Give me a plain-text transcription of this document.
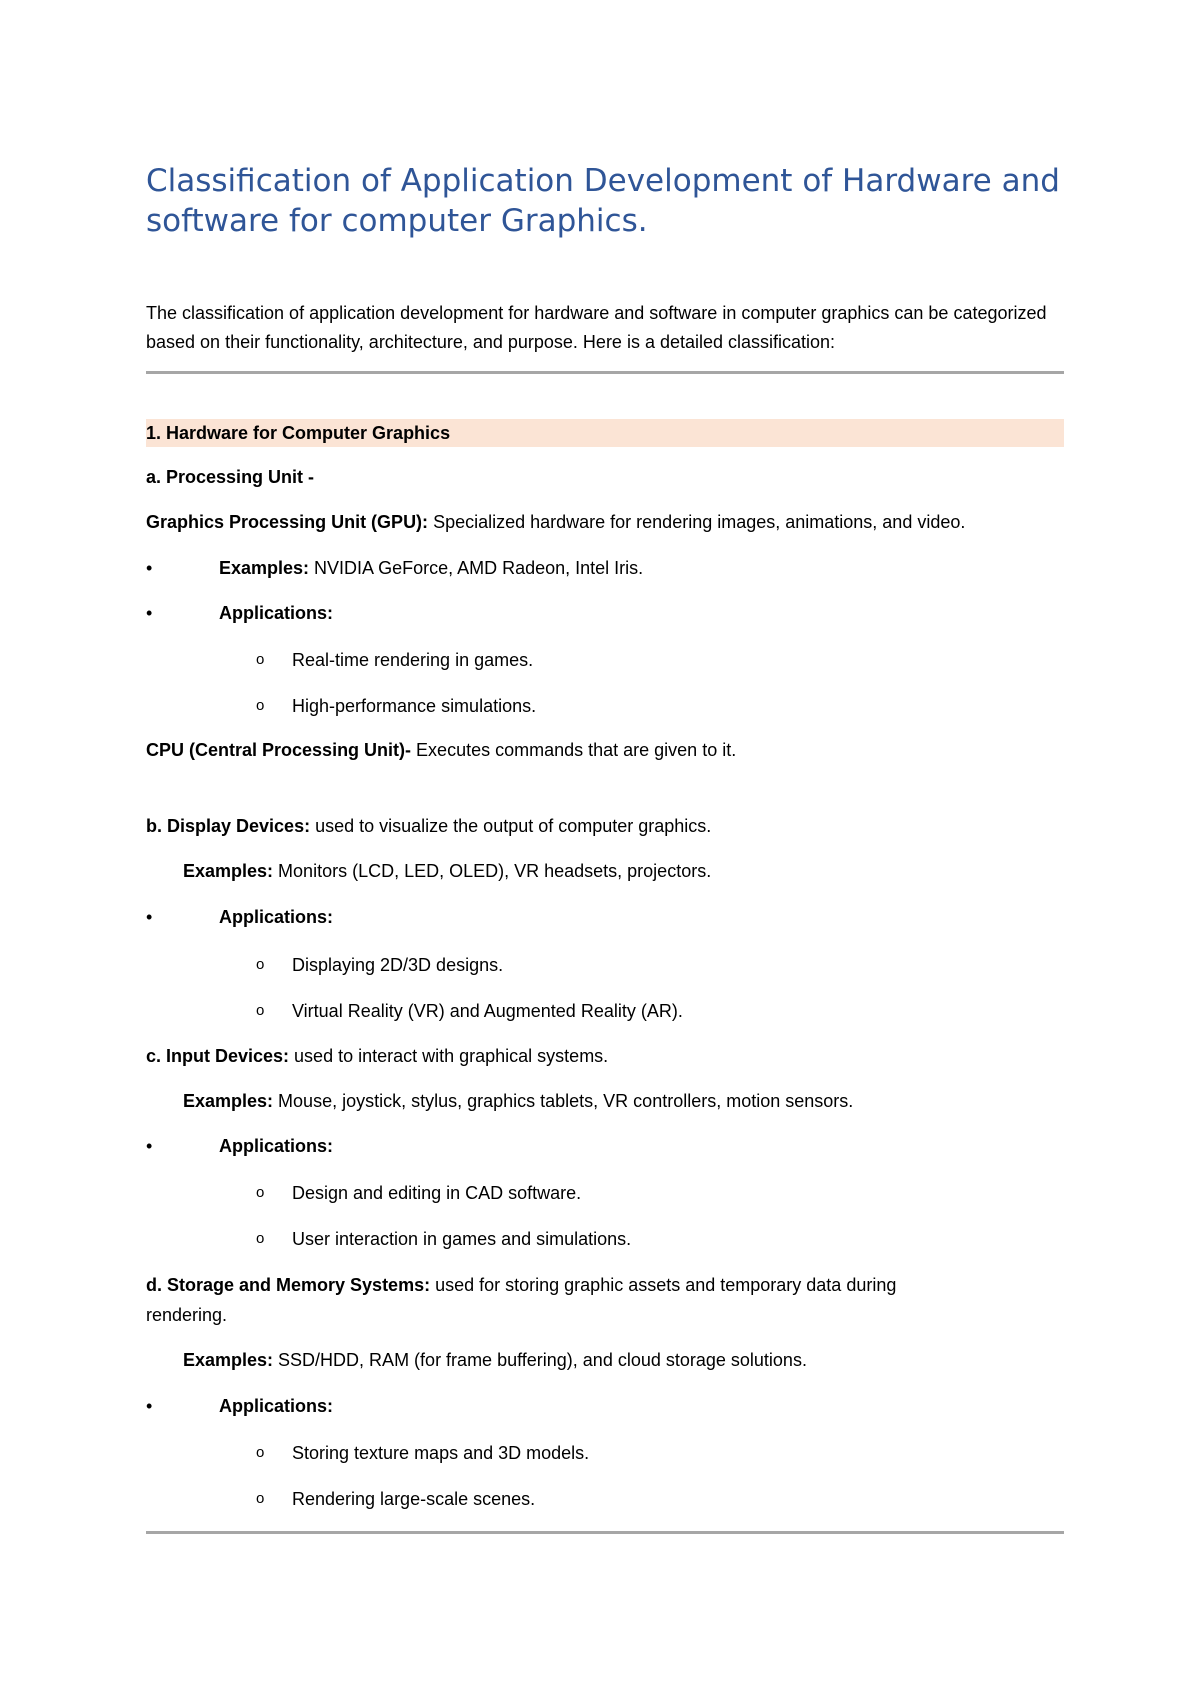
Classification of Application Development of Hardware and software for computer Graphics.
The classification of application development for hardware and software in computer graphics can be categorized based on their functionality, architecture, and purpose. Here is a detailed classification:
1. Hardware for Computer Graphics
a. Processing Unit -
Graphics Processing Unit (GPU): Specialized hardware for rendering images, animations, and video.
•	Examples: NVIDIA GeForce, AMD Radeon, Intel Iris.
•	Applications:
o Real-time rendering in games.
o High-performance simulations.
CPU (Central Processing Unit)- Executes commands that are given to it.
b. Display Devices: used to visualize the output of computer graphics.
Examples: Monitors (LCD, LED, OLED), VR headsets, projectors.
•	Applications:
o Displaying 2D/3D designs.
o Virtual Reality (VR) and Augmented Reality (AR).
c. Input Devices: used to interact with graphical systems.
Examples: Mouse, joystick, stylus, graphics tablets, VR controllers, motion sensors.
•	Applications:
o Design and editing in CAD software.
o User interaction in games and simulations.
d. Storage and Memory Systems: used for storing graphic assets and temporary data during
rendering.
Examples: SSD/HDD, RAM (for frame buffering), and cloud storage solutions.
•	Applications:
o Storing texture maps and 3D models.
o Rendering large-scale scenes.
